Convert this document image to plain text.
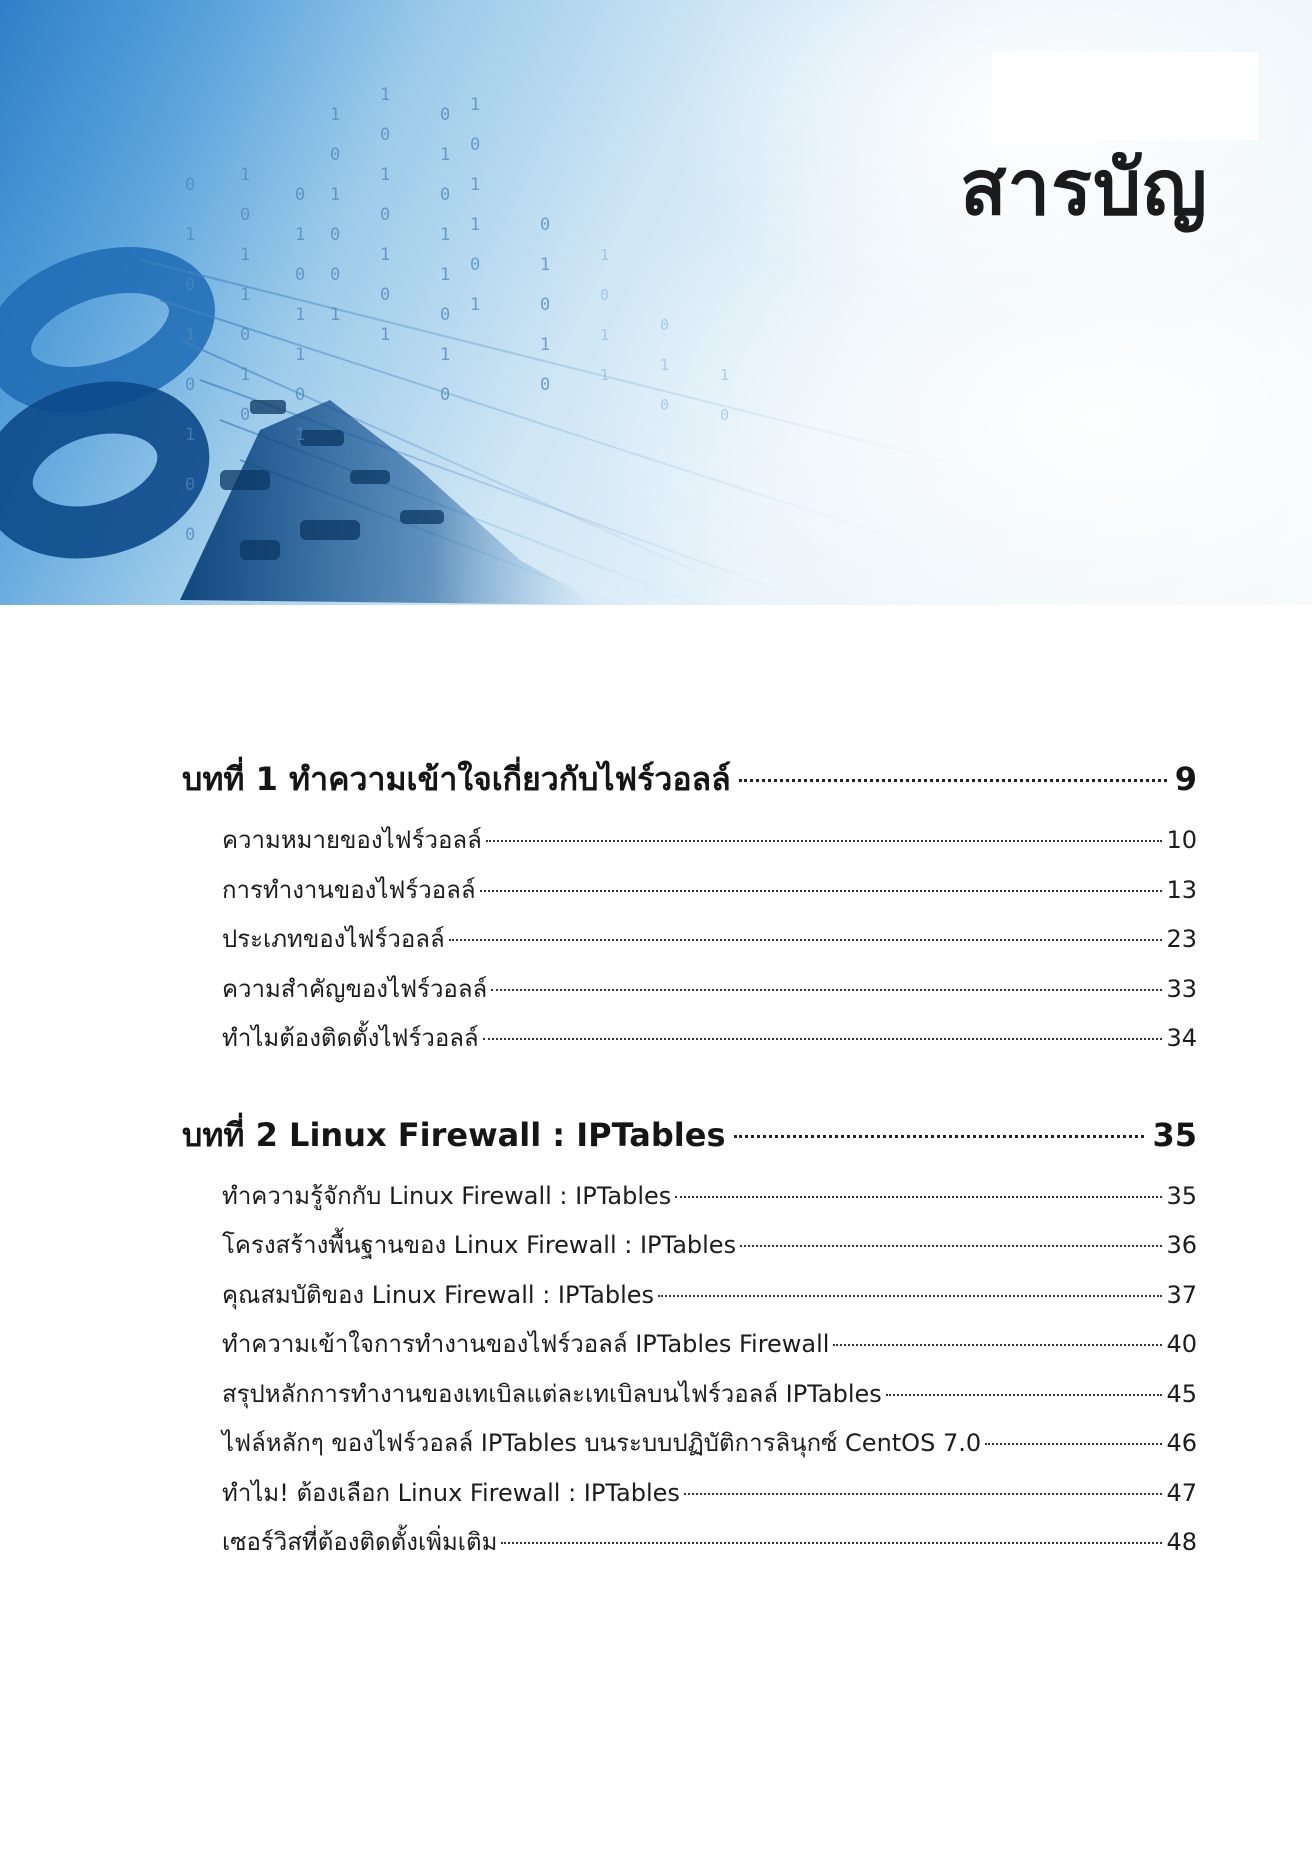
0
1
0
1
0
1
0
0
1
0
1
1
0
1
0
0
1
0
1
1
0
1
1
0
1
0
0
1
1
0
1
0
1
0
1
0
1
0
1
1
0
1
0
1
0
1
1
0
1
0
1
0
1
0
1
0
1
1
0
1
0
1
0
สารบัญ
บทที่ 1 ทำความเข้าใจเกี่ยวกับไฟร์วอลล์	9
ความหมายของไฟร์วอลล์	10
การทำงานของไฟร์วอลล์	13
ประเภทของไฟร์วอลล์	23
ความสำคัญของไฟร์วอลล์	33
ทำไมต้องติดตั้งไฟร์วอลล์	34
บทที่ 2 Linux Firewall : IPTables	35
ทำความรู้จักกับ Linux Firewall : IPTables	35
โครงสร้างพื้นฐานของ Linux Firewall : IPTables	36
คุณสมบัติของ Linux Firewall : IPTables	37
ทำความเข้าใจการทำงานของไฟร์วอลล์ IPTables Firewall	40
สรุปหลักการทำงานของเทเบิลแต่ละเทเบิลบนไฟร์วอลล์ IPTables	45
ไฟล์หลักๆ ของไฟร์วอลล์ IPTables บนระบบปฏิบัติการลินุกซ์ CentOS 7.0	46
ทำไม! ต้องเลือก Linux Firewall : IPTables	47
เซอร์วิสที่ต้องติดตั้งเพิ่มเติม	48
